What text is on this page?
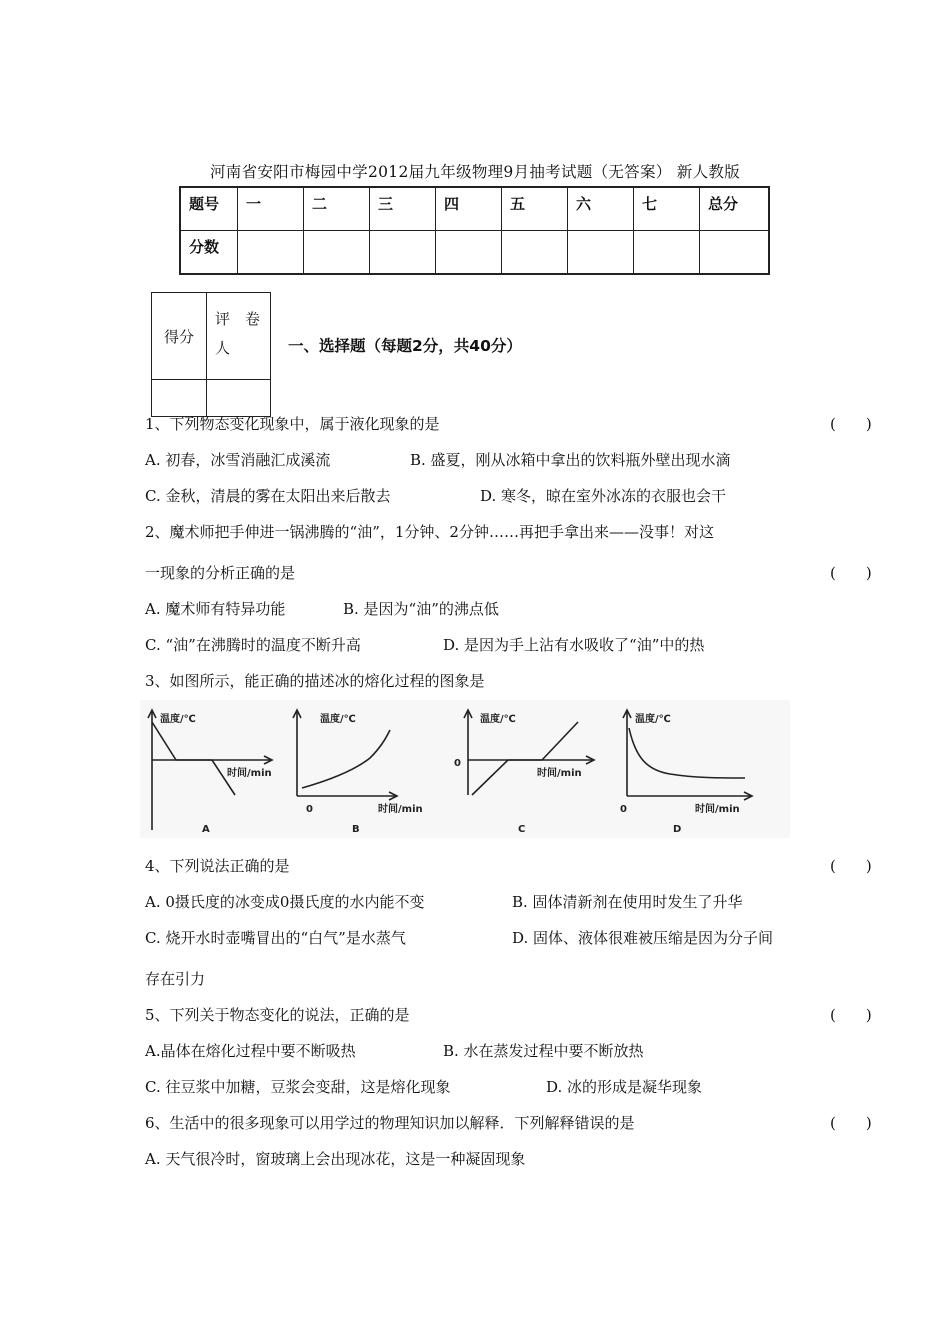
河南省安阳市梅园中学2012届九年级物理9月抽考试题（无答案） 新人教版
题号	一	二	三	四	五	六	七	总分
分数								
得分	评　卷
人

		一、选择题（每题2分，共40分）
1、下列物态变化现象中，属于液化现象的是	(　　)
A. 初春，冰雪消融汇成溪流	B. 盛夏，刚从冰箱中拿出的饮料瓶外壁出现水滴
C. 金秋，清晨的雾在太阳出来后散去	D. 寒冬，晾在室外冰冻的衣服也会干
2、魔术师把手伸进一锅沸腾的“油”，1分钟、2分钟……再把手拿出来——没事！对这
一现象的分析正确的是	(　　)
A. 魔术师有特异功能	B. 是因为“油”的沸点低
C. “油”在沸腾时的温度不断升高	D. 是因为手上沾有水吸收了“油”中的热
3、如图所示，能正确的描述冰的熔化过程的图象是
温度/℃
时间/min
温度/℃
时间/min
0
温度/℃
时间/min
0
温度/℃
时间/min
0
A	B	C	D
4、下列说法正确的是	(　　)
A. 0摄氏度的冰变成0摄氏度的水内能不变	B. 固体清新剂在使用时发生了升华
C. 烧开水时壶嘴冒出的“白气”是水蒸气	D. 固体、液体很难被压缩是因为分子间
存在引力
5、下列关于物态变化的说法，正确的是	(　　)
A.晶体在熔化过程中要不断吸热	B. 水在蒸发过程中要不断放热
C. 往豆浆中加糖，豆浆会变甜，这是熔化现象	D. 冰的形成是凝华现象
6、生活中的很多现象可以用学过的物理知识加以解释．下列解释错误的是	(　　)
A. 天气很冷时，窗玻璃上会出现冰花，这是一种凝固现象
